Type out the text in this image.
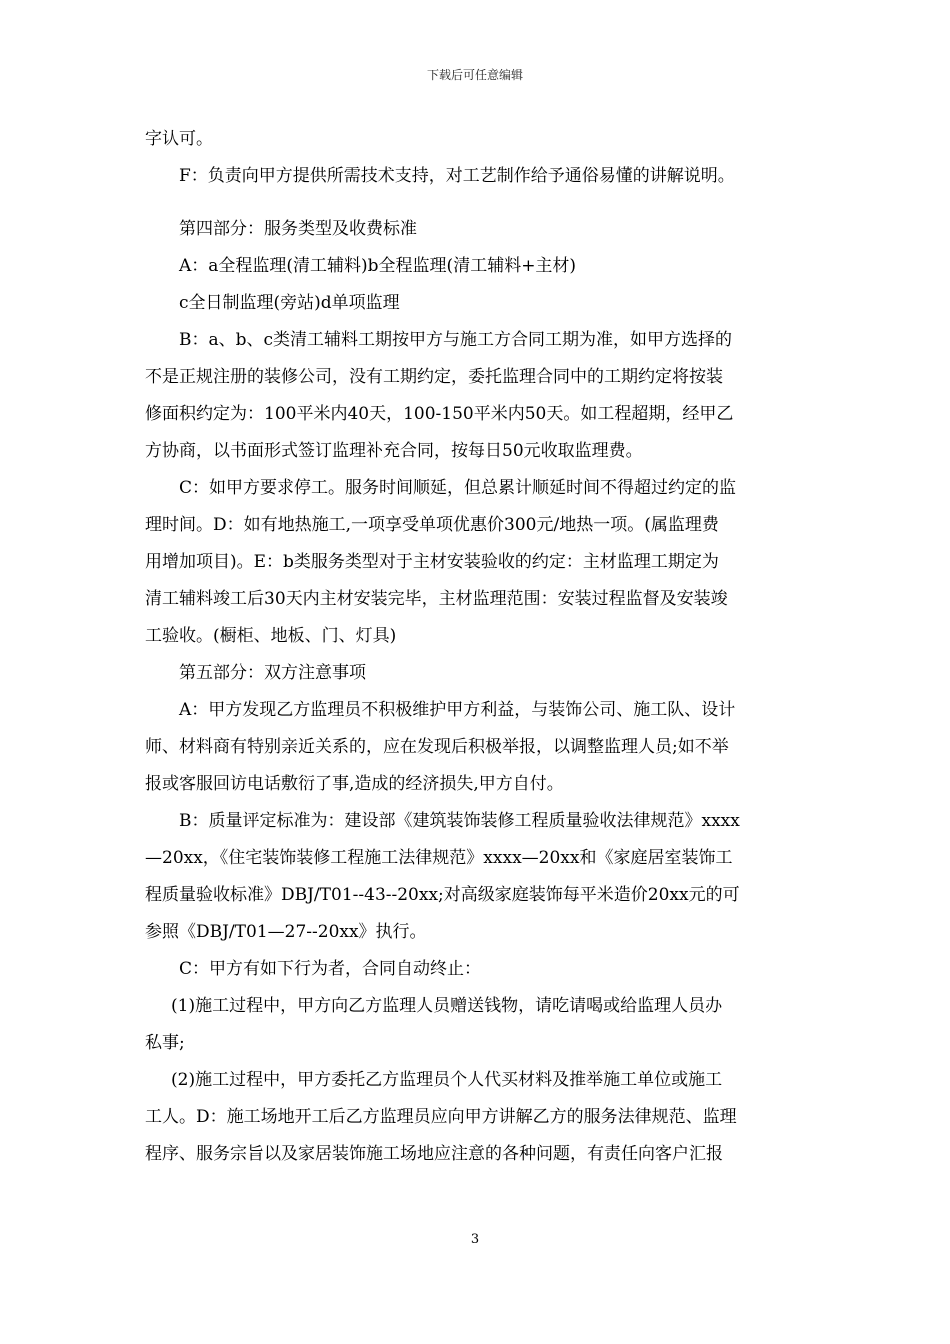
下载后可任意编辑
字认可。
F：负责向甲方提供所需技术支持，对工艺制作给予通俗易懂的讲解说明。
第四部分：服务类型及收费标准
A：a全程监理(清工辅料)b全程监理(清工辅料+主材)
c全日制监理(旁站)d单项监理
B：a、b、c类清工辅料工期按甲方与施工方合同工期为准，如甲方选择的
不是正规注册的装修公司，没有工期约定，委托监理合同中的工期约定将按装
修面积约定为：100平米内40天，100-150平米内50天。如工程超期，经甲乙
方协商，以书面形式签订监理补充合同，按每日50元收取监理费。
C：如甲方要求停工。服务时间顺延，但总累计顺延时间不得超过约定的监
理时间。D：如有地热施工,一项享受单项优惠价300元/地热一项。(属监理费
用增加项目)。E：b类服务类型对于主材安装验收的约定：主材监理工期定为
清工辅料竣工后30天内主材安装完毕，主材监理范围：安装过程监督及安装竣
工验收。(橱柜、地板、门、灯具)
第五部分：双方注意事项
A：甲方发现乙方监理员不积极维护甲方利益，与装饰公司、施工队、设计
师、材料商有特别亲近关系的，应在发现后积极举报，以调整监理人员;如不举
报或客服回访电话敷衍了事,造成的经济损失,甲方自付。
B：质量评定标准为：建设部《建筑装饰装修工程质量验收法律规范》xxxx
—20xx，《住宅装饰装修工程施工法律规范》xxxx—20xx和《家庭居室装饰工
程质量验收标准》DBJ/T01--43--20xx;对高级家庭装饰每平米造价20xx元的可
参照《DBJ/T01—27--20xx》执行。
C：甲方有如下行为者，合同自动终止：
(1)施工过程中，甲方向乙方监理人员赠送钱物，请吃请喝或给监理人员办
私事;
(2)施工过程中，甲方委托乙方监理员个人代买材料及推举施工单位或施工
工人。D：施工场地开工后乙方监理员应向甲方讲解乙方的服务法律规范、监理
程序、服务宗旨以及家居装饰施工场地应注意的各种问题，有责任向客户汇报
3
